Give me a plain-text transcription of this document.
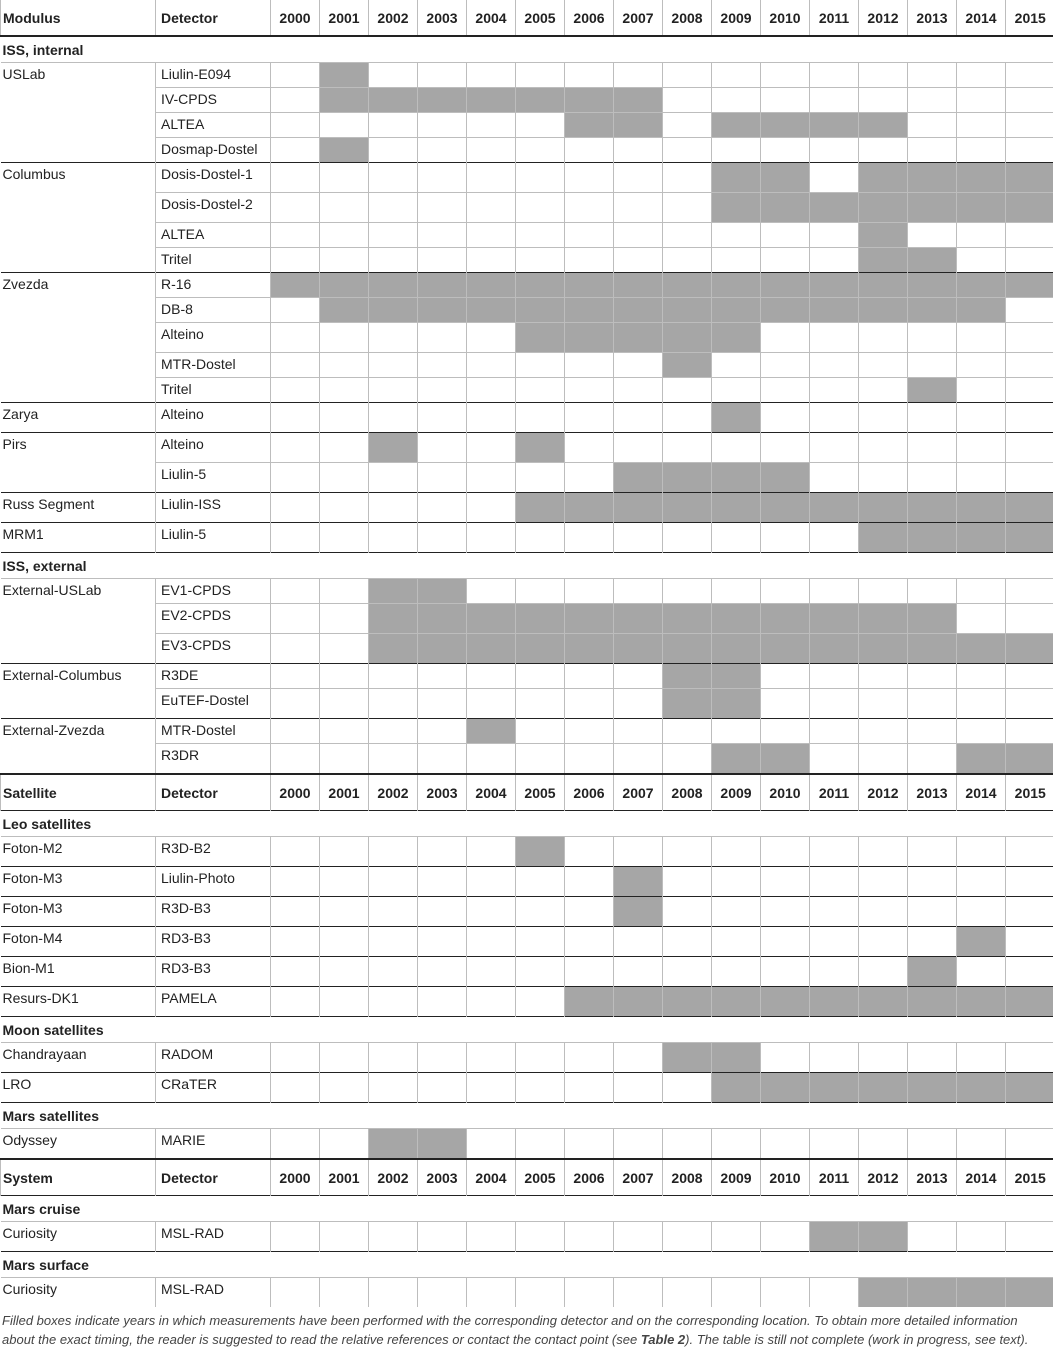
Modulus	Detector	2000	2001	2002	2003	2004	2005	2006	2007	2008	2009	2010	2011	2012	2013	2014	2015
ISS, internal																	
USLab	Liulin-E094																
	IV-CPDS																
	ALTEA																
	Dosmap-Dostel																
Columbus	Dosis-Dostel-1																
	Dosis-Dostel-2																
	ALTEA																
	Tritel																
Zvezda	R-16																
	DB-8																
	Alteino																
	MTR-Dostel																
	Tritel																
Zarya	Alteino																
Pirs	Alteino																
	Liulin-5																
Russ Segment	Liulin-ISS																
MRM1	Liulin-5																
ISS, external																	
External-USLab	EV1-CPDS																
	EV2-CPDS																
	EV3-CPDS																
External-Columbus	R3DE																
	EuTEF-Dostel																
External-Zvezda	MTR-Dostel																
	R3DR																
Satellite	Detector	2000	2001	2002	2003	2004	2005	2006	2007	2008	2009	2010	2011	2012	2013	2014	2015
Leo satellites																	
Foton-M2	R3D-B2																
Foton-M3	Liulin-Photo																
Foton-M3	R3D-B3																
Foton-M4	RD3-B3																
Bion-M1	RD3-B3																
Resurs-DK1	PAMELA																
Moon satellites																	
Chandrayaan	RADOM																
LRO	CRaTER																
Mars satellites																	
Odyssey	MARIE																
System	Detector	2000	2001	2002	2003	2004	2005	2006	2007	2008	2009	2010	2011	2012	2013	2014	2015
Mars cruise																	
Curiosity	MSL-RAD																
Mars surface																	
Curiosity	MSL-RAD																
Filled boxes indicate years in which measurements have been performed with the corresponding detector and on the corresponding location. To obtain more detailed information about the exact timing, the reader is suggested to read the relative references or contact the contact point (see Table 2). The table is still not complete (work in progress, see text).
